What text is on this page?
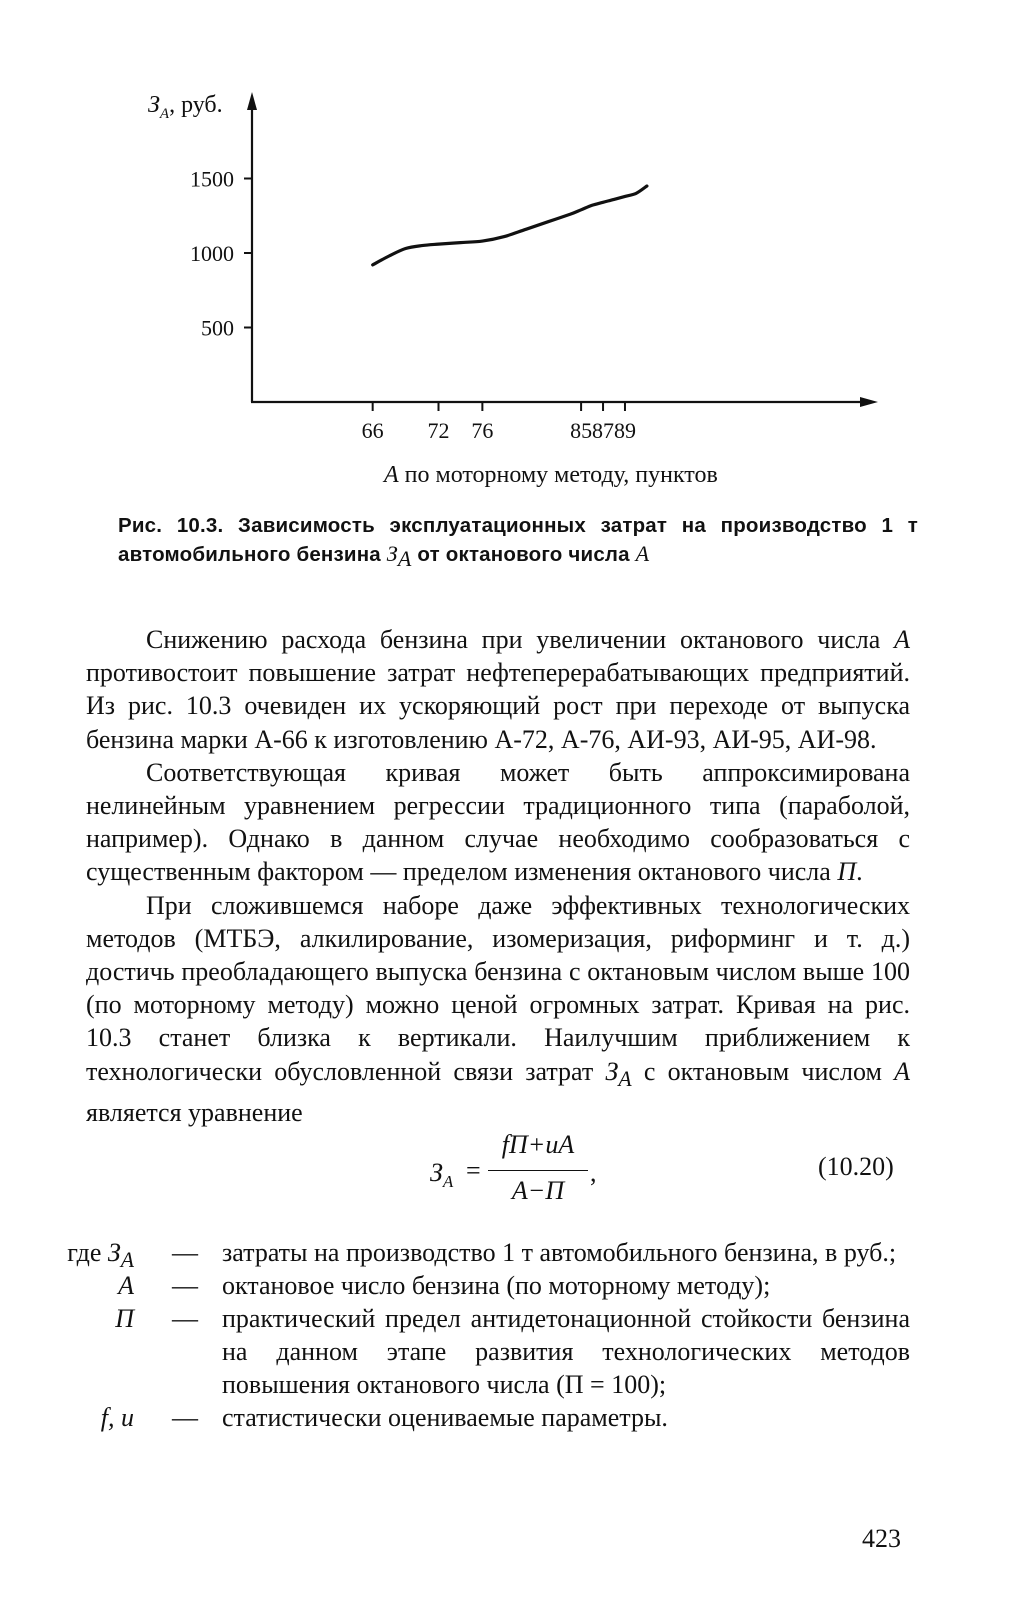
$З_А$, руб.
500
1000
1500
66 72 76	85 87 89
А по моторному методу, пунктов
Рис. 10.3. Зависимость эксплуатационных затрат на производство 1 т автомобильного бензина $З_А$ от октанового числа А

Снижению расхода бензина при увеличении октанового числа А противостоит повышение затрат нефтеперерабатывающих предприятий. Из рис. 10.3 очевиден их ускоряющий рост при переходе от выпуска бензина марки А-66 к изготовлению А-72, А-76, АИ-93, АИ-95, АИ-98.

Соответствующая кривая может быть аппроксимирована нелинейным уравнением регрессии традиционного типа (параболой, например). Однако в данном случае необходимо сообразоваться с существенным фактором — пределом изменения октанового числа П.

При сложившемся наборе даже эффективных технологических методов (МТБЭ, алкилирование, изомеризация, риформинг и т. д.) достичь преобладающего выпуска бензина с октановым числом выше 100 (по моторному методу) можно ценой огромных затрат. Кривая на рис. 10.3 станет близка к вертикали. Наилучшим приближением к технологически обусловленной связи затрат $З_А$ с октановым числом А является уравнение

$З_А$ =
fП+uA
A−П
,	(10.20)
где $З_А$ — затраты на производство 1 т автомобильного бензина, в руб.;
А — октановое число бензина (по моторному методу);
П — практический предел антидетонационной стойкости бензина на данном этапе развития технологических методов повышения октанового числа (П = 100);
f, u — статистически оцениваемые параметры.
423
